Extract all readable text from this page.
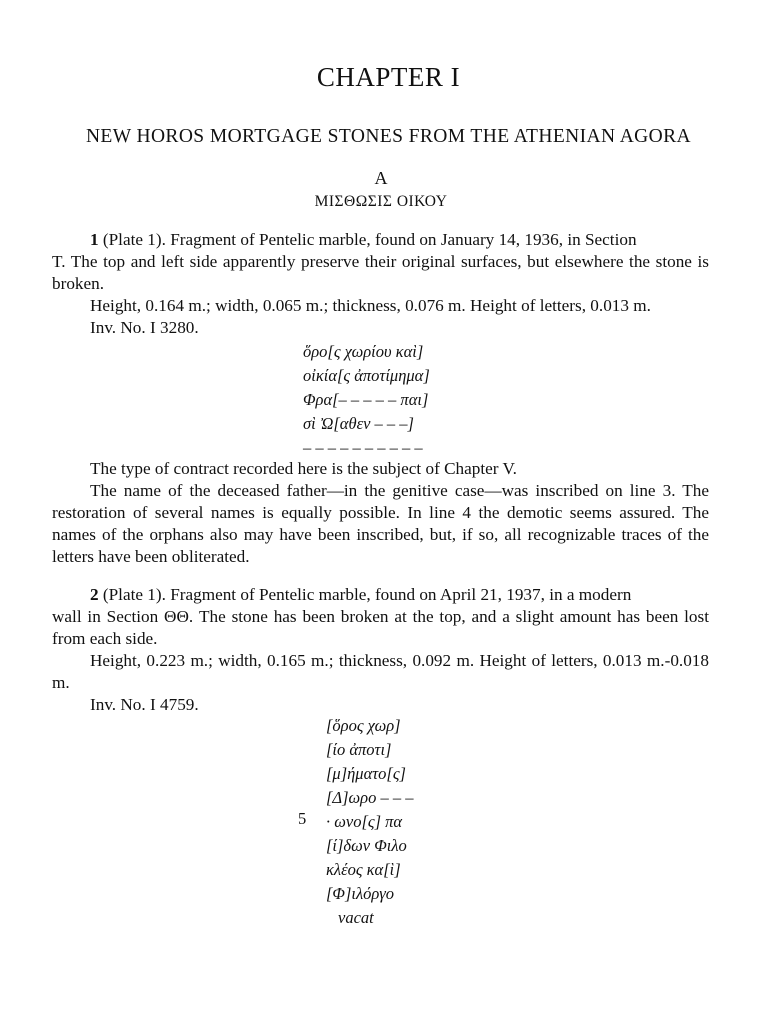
CHAPTER I
NEW HOROS MORTGAGE STONES FROM THE ATHENIAN AGORA
A
ΜΙΣΘΩΣΙΣ ΟΙΚΟΥ
1 (Plate 1). Fragment of Pentelic marble, found on January 14, 1936, in Section
T. The top and left side apparently preserve their original surfaces, but elsewhere the stone is broken.
Height, 0.164 m.; width, 0.065 m.; thickness, 0.076 m. Height of letters, 0.013 m.
Inv. No. I 3280.
ὅρο[ς χωρίου καὶ]
οἰκία[ς ἀποτίμημα]
Φρα[– – – – – παι]
σὶ Ὠ[αθεν – – –]
– – – – – – – – – –
The type of contract recorded here is the subject of Chapter V.
The name of the deceased father—in the genitive case—was inscribed on line 3. The restoration of several names is equally possible. In line 4 the demotic seems assured. The names of the orphans also may have been inscribed, but, if so, all recognizable traces of the letters have been obliterated.
2 (Plate 1). Fragment of Pentelic marble, found on April 21, 1937, in a modern
wall in Section ΘΘ. The stone has been broken at the top, and a slight amount has been lost from each side.
Height, 0.223 m.; width, 0.165 m.; thickness, 0.092 m. Height of letters, 0.013 m.-0.018 m.
Inv. No. I 4759.
5
[ὅρος χωρ]
[ίο ἀποτι]
[μ]ήματο[ς]
[Δ]ωρο – – –
· ωνο[ς] πα
[ί]δων Φιλο
κλέος κα[ὶ]
[Φ]ιλόργο
vacat
